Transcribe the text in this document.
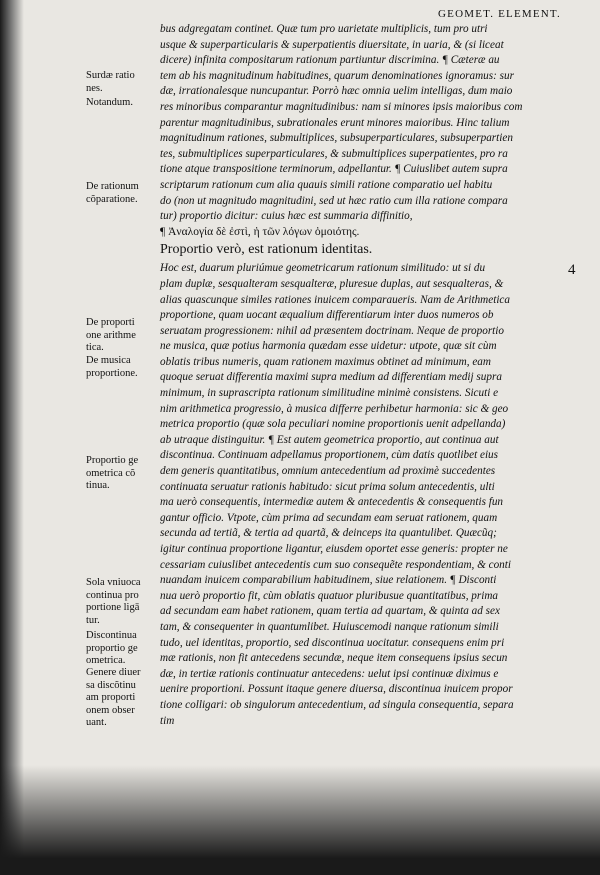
GEOMET. ELEMENT.
4
Surdæ ratio
nes.
Notandum.
De rationum
cõparatione.
De proporti
one arithme
tica.
De musica
proportione.
Proportio ge
ometrica cõ
tinua.
Sola vniuoca
continua pro
portione ligā
tur.
Discontinua
proportio ge
ometrica.
Genere diuer
sa discõtinu
am proporti
onem obser
uant.
bus adgregatam continet. Quæ tum pro uarietate multiplicis, tum pro utri
usque & superparticularis & superpatientis diuersitate, in uaria, & (si liceat
dicere) infinita compositarum rationum partiuntur discrimina. ¶ Cæteræ au
tem ab his magnitudinum habitudines, quarum denominationes ignoramus: sur
dæ, irrationalesque nuncupantur. Porrò hæc omnia uelim intelligas, dum maio
res minoribus comparantur magnitudinibus: nam si minores ipsis maioribus com
parentur magnitudinibus, subrationales erunt minores maioribus. Hinc talium
magnitudinum rationes, submultiplices, subsuperparticulares, subsuperpartien
tes, submultiplices superparticulares, & submultiplices superpatientes, pro ra
tione atque transpositione terminorum, adpellantur. ¶ Cuiuslibet autem supra
scriptarum rationum cum alia quauis simili ratione comparatio uel habitu
do (non ut magnitudo magnitudini, sed ut hæc ratio cum illa ratione compara
tur) proportio dicitur: cuius hæc est summaria diffinitio,
¶ Ἀναλογία δὲ ἐστὶ, ἡ τῶν λόγων ὁμοιότης.
Proportio verò, est rationum identitas.
Hoc est, duarum pluriúmue geometricarum rationum similitudo: ut si du
plam duplæ, sesqualteram sesqualteræ, pluresue duplas, aut sesqualteras, &
alias quascunque similes rationes inuicem comparaueris. Nam de Arithmetica
proportione, quam uocant æqualium differentiarum inter duos numeros ob
seruatam progressionem: nihil ad præsentem doctrinam. Neque de proportio
ne musica, quæ potius harmonia quædam esse uidetur: utpote, quæ sit cùm
oblatis tribus numeris, quam rationem maximus obtinet ad minimum, eam
quoque seruat differentia maximi supra medium ad differentiam medij supra
minimum, in suprascripta rationum similitudine minimè consistens. Sicuti e
nim arithmetica progressio, à musica differre perhibetur harmonia: sic & geo
metrica proportio (quæ sola peculiari nomine proportionis uenit adpellanda)
ab utraque distinguitur. ¶ Est autem geometrica proportio, aut continua aut
discontinua. Continuam adpellamus proportionem, cùm datis quotlibet eius
dem generis quantitatibus, omnium antecedentium ad proximè succedentes
continuata seruatur rationis habitudo: sicut prima solum antecedentis, ulti
ma uerò consequentis, intermediæ autem & antecedentis & consequentis fun
gantur officio. Vtpote, cùm prima ad secundam eam seruat rationem, quam
secunda ad tertiã, & tertia ad quartã, & deinceps ita quantulibet. Quæcũq;
igitur continua proportione ligantur, eiusdem oportet esse generis: propter ne
cessariam cuiuslibet antecedentis cum suo consequẽte respondentiam, & conti
nuandam inuicem comparabilium habitudinem, siue relationem. ¶ Disconti
nua uerò proportio fit, cùm oblatis quatuor pluribusue quantitatibus, prima
ad secundam eam habet rationem, quam tertia ad quartam, & quinta ad sex
tam, & consequenter in quantumlibet. Huiuscemodi nanque rationum simili
tudo, uel identitas, proportio, sed discontinua uocitatur. consequens enim pri
mæ rationis, non fit antecedens secundæ, neque item consequens ipsius secun
dæ, in tertiæ rationis continuatur antecedens: uelut ipsi continuæ diximus e
uenire proportioni. Possunt itaque genere diuersa, discontinua inuicem propor
tione colligari: ob singulorum antecedentium, ad singula consequentia, separa
tim
